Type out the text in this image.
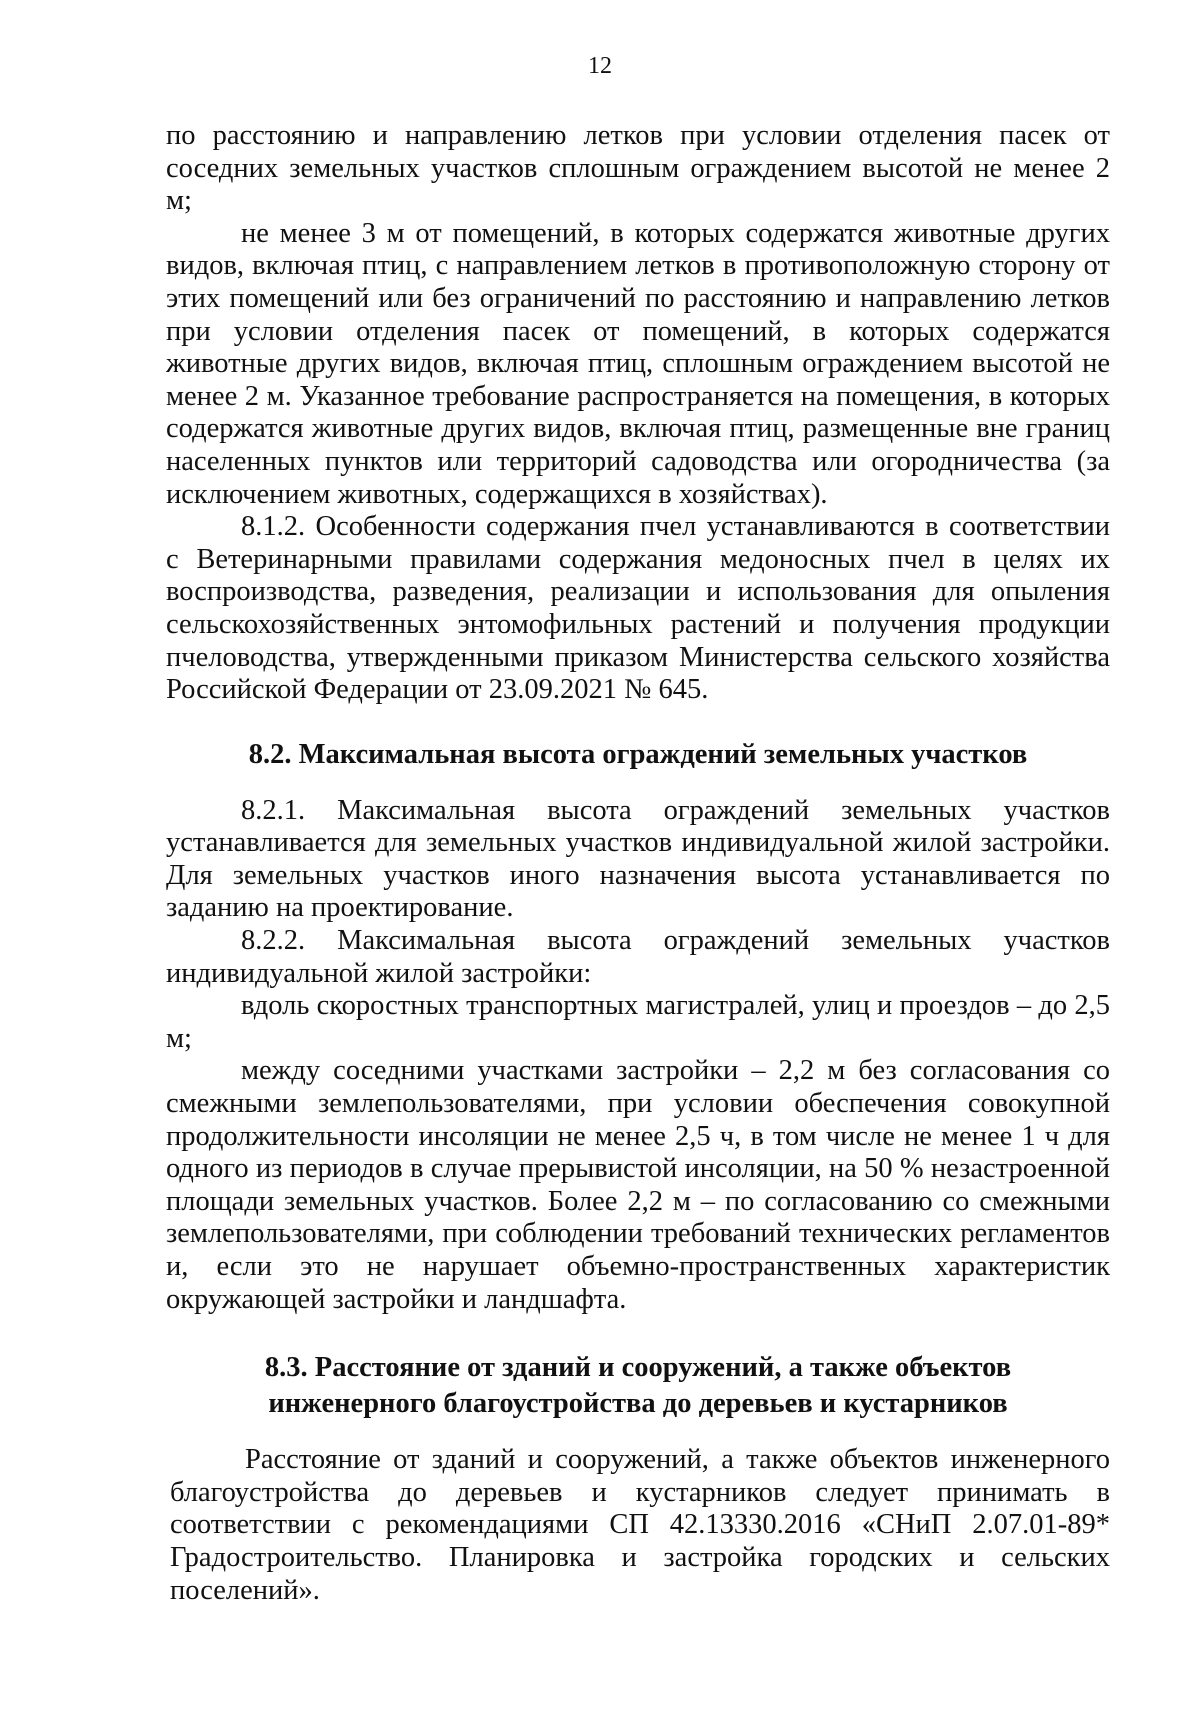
12

по расстоянию и направлению летков при условии отделения пасек от соседних земельных участков сплошным ограждением высотой не менее 2 м;

не менее 3 м от помещений, в которых содержатся животные других видов, включая птиц, с направлением летков в противоположную сторону от этих помещений или без ограничений по расстоянию и направлению летков при условии отделения пасек от помещений, в которых содержатся животные других видов, включая птиц, сплошным ограждением высотой не менее 2 м. Указанное требование распространяется на помещения, в которых содержатся животные других видов, включая птиц, размещенные вне границ населенных пунктов или территорий садоводства или огородничества (за исключением животных, содержащихся в хозяйствах).

8.1.2. Особенности содержания пчел устанавливаются в соответствии с Ветеринарными правилами содержания медоносных пчел в целях их воспроизводства, разведения, реализации и использования для опыления сельскохозяйственных энтомофильных растений и получения продукции пчеловодства, утвержденными приказом Министерства сельского хозяйства Российской Федерации от 23.09.2021 № 645.

8.2. Максимальная высота ограждений земельных участков

8.2.1. Максимальная высота ограждений земельных участков устанавливается для земельных участков индивидуальной жилой застройки. Для земельных участков иного назначения высота устанавливается по заданию на проектирование.

8.2.2. Максимальная высота ограждений земельных участков индивидуальной жилой застройки:

вдоль скоростных транспортных магистралей, улиц и проездов – до 2,5 м;

между соседними участками застройки – 2,2 м без согласования со смежными землепользователями, при условии обеспечения совокупной продолжительности инсоляции не менее 2,5 ч, в том числе не менее 1 ч для одного из периодов в случае прерывистой инсоляции, на 50 % незастроенной площади земельных участков. Более 2,2 м – по согласованию со смежными землепользователями, при соблюдении требований технических регламентов и, если это не нарушает объемно-пространственных характеристик окружающей застройки и ландшафта.

8.3. Расстояние от зданий и сооружений, а также объектов
инженерного благоустройства до деревьев и кустарников

Расстояние от зданий и сооружений, а также объектов инженерного благоустройства до деревьев и кустарников следует принимать в соответствии с рекомендациями СП 42.13330.2016 «СНиП 2.07.01-89* Градостроительство. Планировка и застройка городских и сельских поселений».
